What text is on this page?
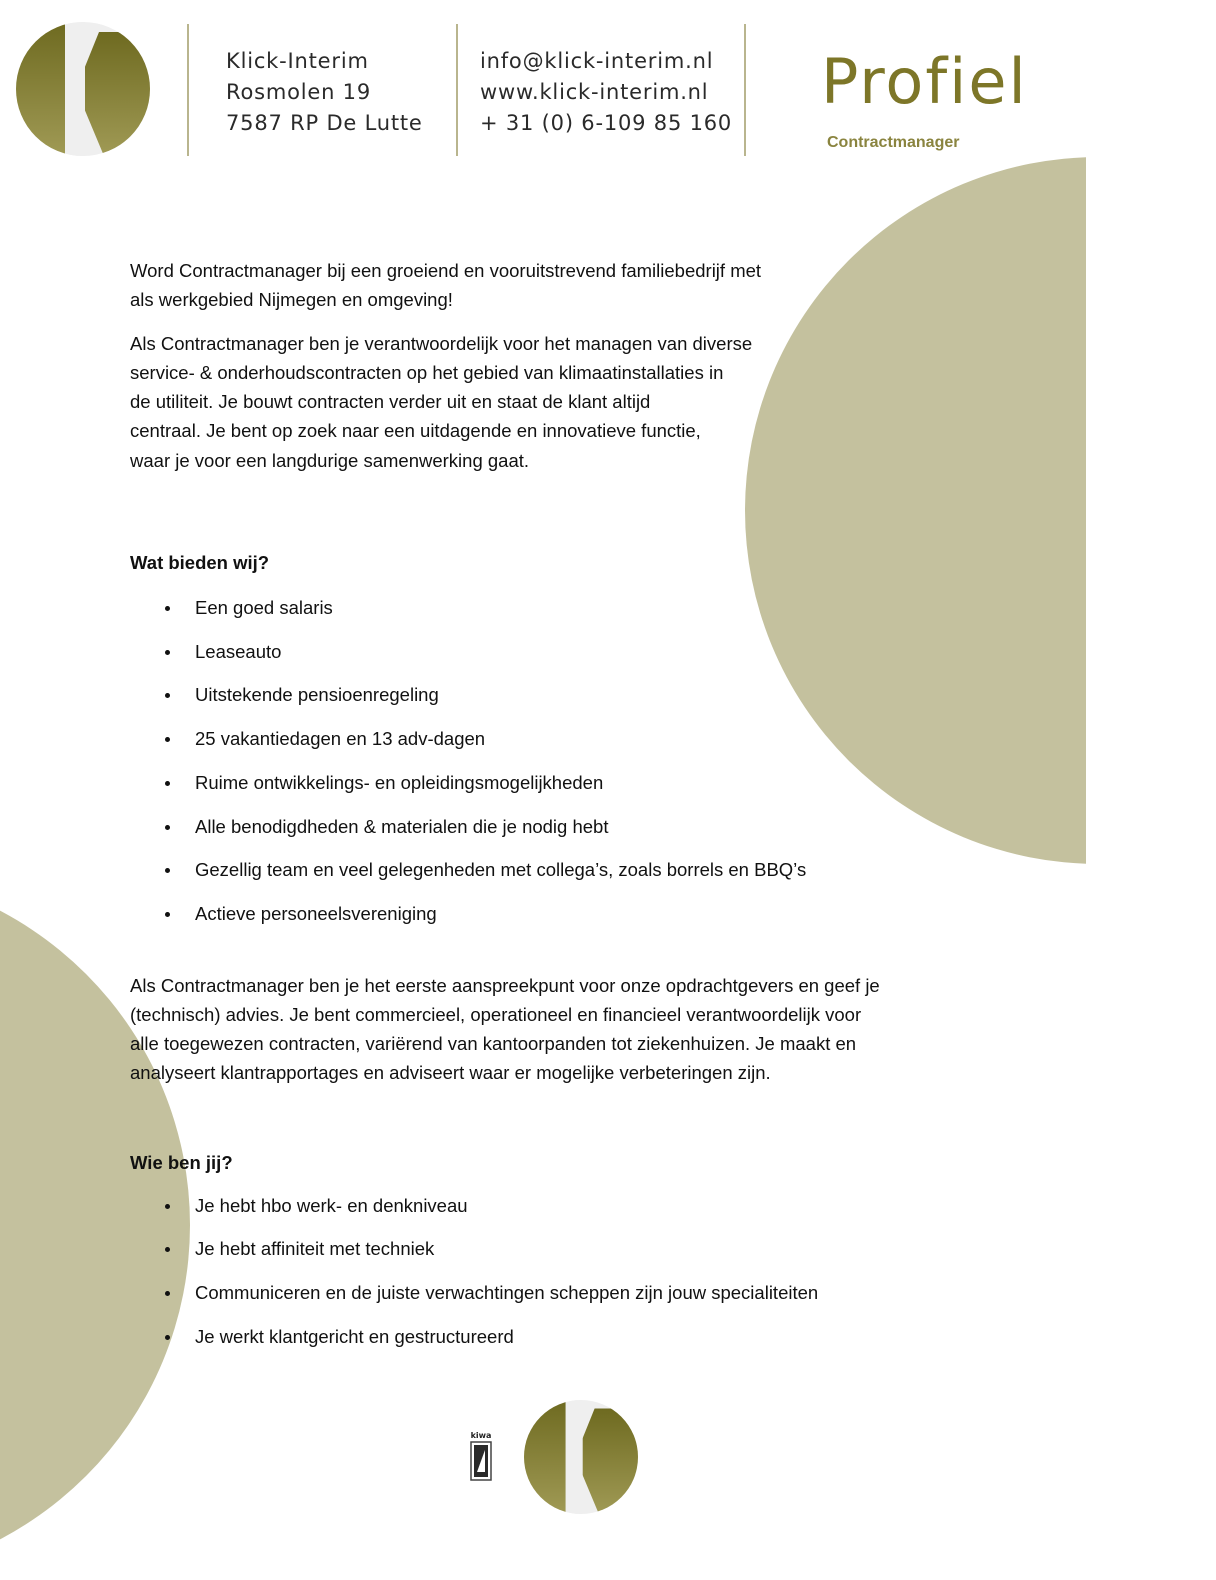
Klick-Interim
Rosmolen 19
7587 RP De Lutte
info@klick-interim.nl
www.klick-interim.nl
+ 31 (0) 6-109 85 160
Profiel
Contractmanager
Word Contractmanager bij een groeiend en vooruitstrevend familiebedrijf met
als werkgebied Nijmegen en omgeving!
Als Contractmanager ben je verantwoordelijk voor het managen van diverse
service- & onderhoudscontracten op het gebied van klimaatinstallaties in
de utiliteit. Je bouwt contracten verder uit en staat de klant altijd
centraal. Je bent op zoek naar een uitdagende en innovatieve functie,
waar je voor een langdurige samenwerking gaat.
Wat bieden wij?
Een goed salaris
Leaseauto
Uitstekende pensioenregeling
25 vakantiedagen en 13 adv-dagen
Ruime ontwikkelings- en opleidingsmogelijkheden
Alle benodigdheden & materialen die je nodig hebt
Gezellig team en veel gelegenheden met collega’s, zoals borrels en BBQ’s
Actieve personeelsvereniging
Als Contractmanager ben je het eerste aanspreekpunt voor onze opdrachtgevers en geef je
(technisch) advies. Je bent commercieel, operationeel en financieel verantwoordelijk voor
alle toegewezen contracten, variërend van kantoorpanden tot ziekenhuizen. Je maakt en
analyseert klantrapportages en adviseert waar er mogelijke verbeteringen zijn.
Wie ben jij?
Je hebt hbo werk- en denkniveau
Je hebt affiniteit met techniek
Communiceren en de juiste verwachtingen scheppen zijn jouw specialiteiten
Je werkt klantgericht en gestructureerd
kiwa
